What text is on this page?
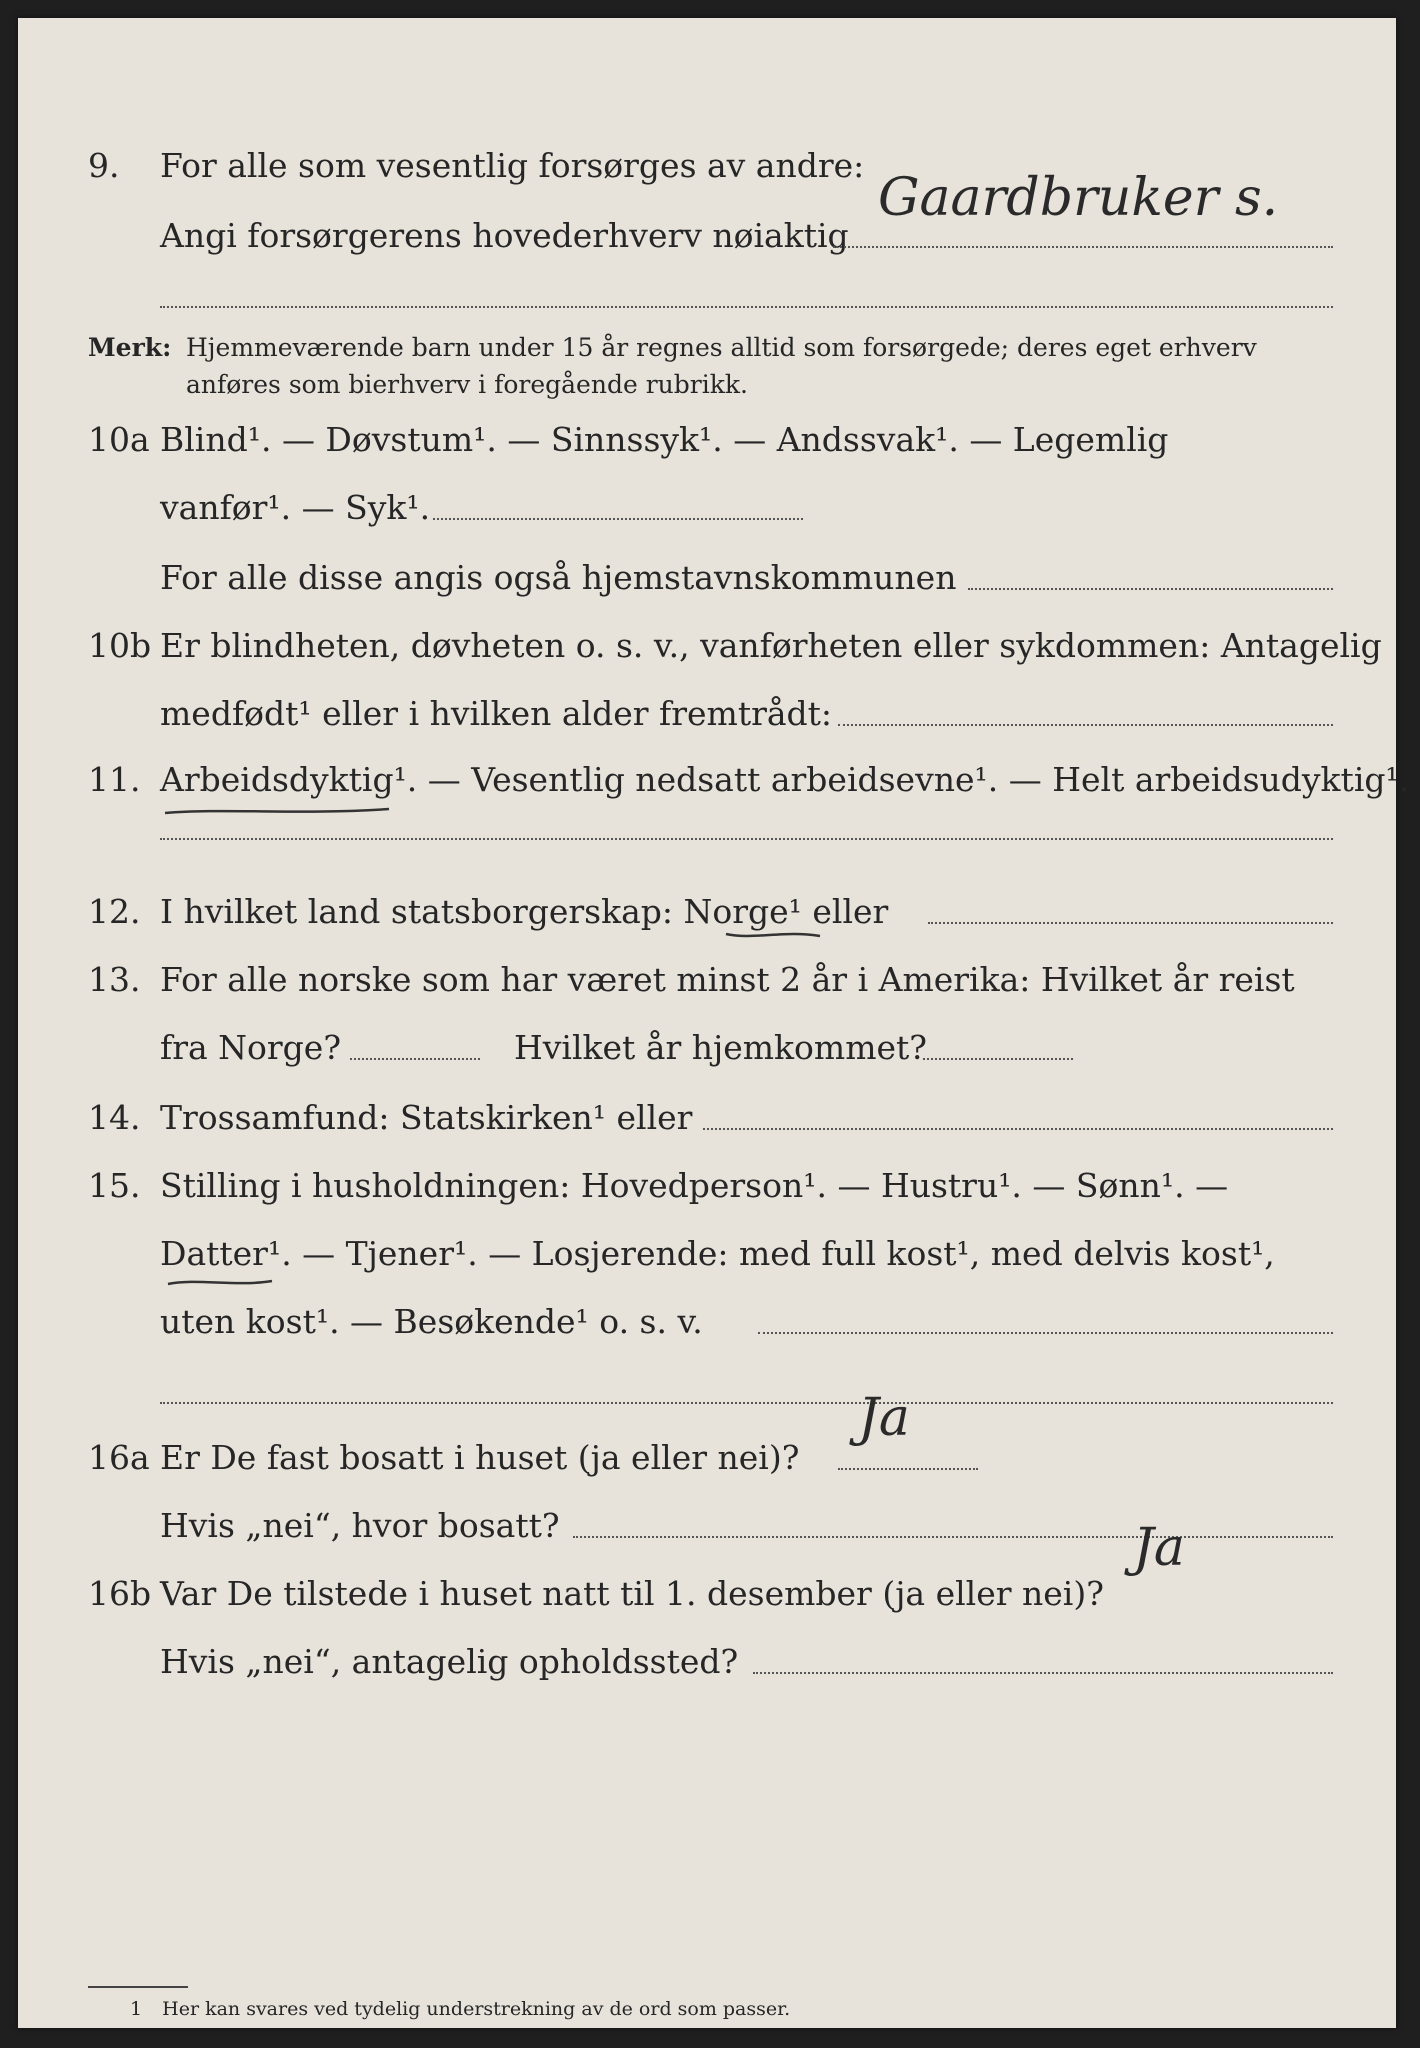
9. For alle som vesentlig forsørges av andre:
Angi forsørgerens hovederhverv nøiaktig
Gaardbruker s.
Merk: Hjemmeværende barn under 15 år regnes alltid som forsørgede; deres eget erhverv
anføres som bierhverv i foregående rubrikk.
10a Blind¹. — Døvstum¹. — Sinnssyk¹. — Andssvak¹. — Legemlig
vanfør¹. — Syk¹.
For alle disse angis også hjemstavnskommunen
10b Er blindheten, døvheten o. s. v., vanførheten eller sykdommen: Antagelig
medfødt¹ eller i hvilken alder fremtrådt:
11. Arbeidsdyktig¹. — Vesentlig nedsatt arbeidsevne¹. — Helt arbeidsudyktig¹.
12. I hvilket land statsborgerskap: Norge¹ eller
13. For alle norske som har været minst 2 år i Amerika: Hvilket år reist
fra Norge?	Hvilket år hjemkommet?
14. Trossamfund: Statskirken¹ eller
15. Stilling i husholdningen: Hovedperson¹. — Hustru¹. — Sønn¹. —
Datter¹. — Tjener¹. — Losjerende: med full kost¹, med delvis kost¹,
uten kost¹. — Besøkende¹ o. s. v.
16a Er De fast bosatt i huset (ja eller nei)?
Ja
Hvis „nei“, hvor bosatt?
16b Var De tilstede i huset natt til 1. desember (ja eller nei)?
Ja
Hvis „nei“, antagelig opholdssted?
1 Her kan svares ved tydelig understrekning av de ord som passer.
